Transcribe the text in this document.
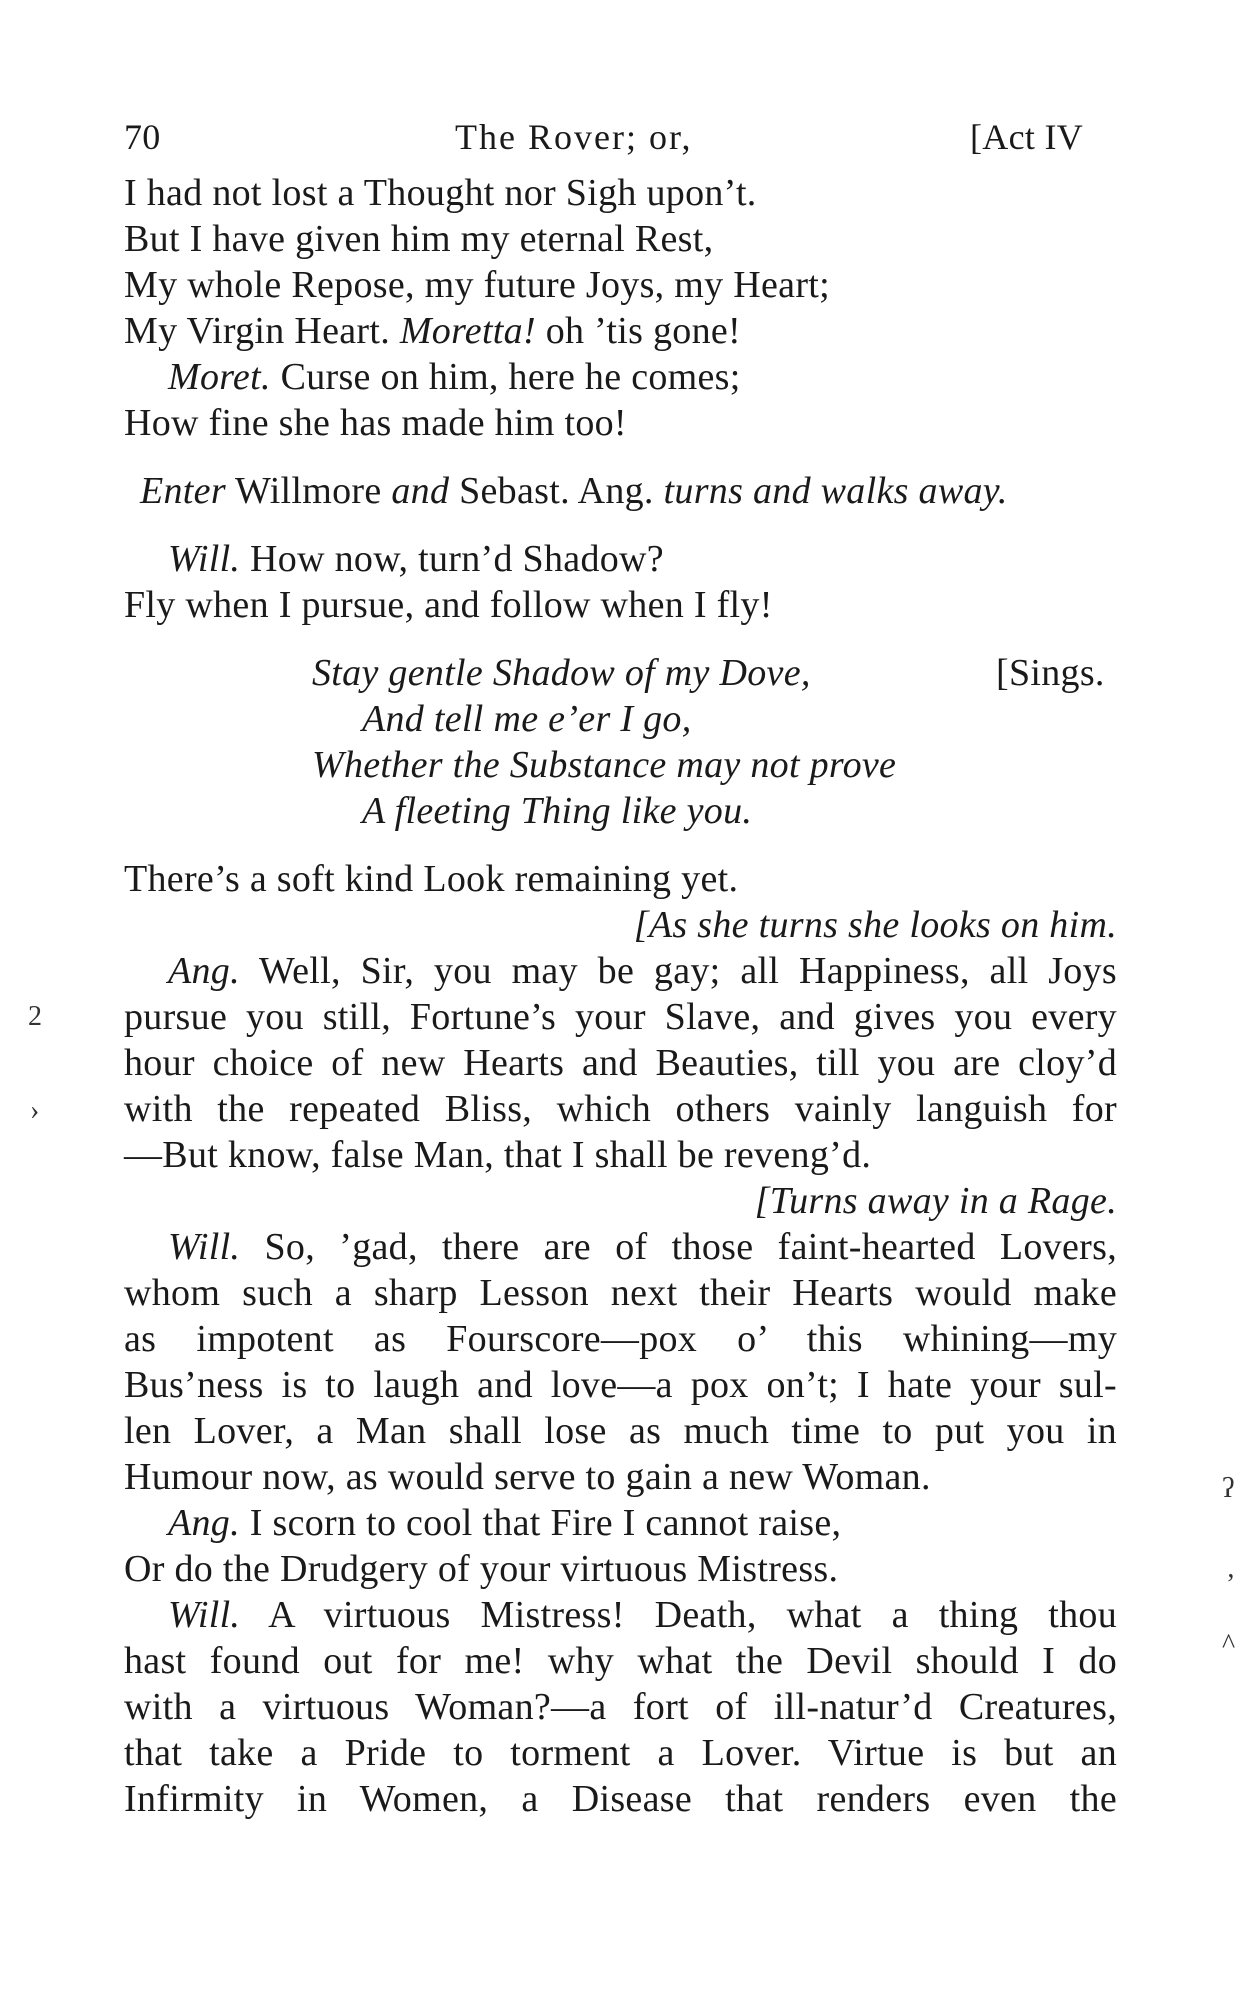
70	The Rover; or,	[Act IV
I had not lost a Thought nor Sigh upon’t.
But I have given him my eternal Rest,
My whole Repose, my future Joys, my Heart;
My Virgin Heart. Moretta! oh ’tis gone!
Moret. Curse on him, here he comes;
How fine she has made him too!
Enter Willmore and Sebast. Ang. turns and walks away.
Will. How now, turn’d Shadow?
Fly when I pursue, and follow when I fly!
Stay gentle Shadow of my Dove,	[Sings.
And tell me e’er I go,
Whether the Substance may not prove
A fleeting Thing like you.
There’s a soft kind Look remaining yet.
[As she turns she looks on him.
Ang. Well, Sir, you may be gay; all Happiness, all Joys
pursue you still, Fortune’s your Slave, and gives you every
hour choice of new Hearts and Beauties, till you are cloy’d
with the repeated Bliss, which others vainly languish for
—But know, false Man, that I shall be reveng’d.
[Turns away in a Rage.
Will. So, ’gad, there are of those faint-hearted Lovers,
whom such a sharp Lesson next their Hearts would make
as impotent as Fourscore—pox o’ this whining—my
Bus’ness is to laugh and love—a pox on’t; I hate your sul-
len Lover, a Man shall lose as much time to put you in
Humour now, as would serve to gain a new Woman.
Ang. I scorn to cool that Fire I cannot raise,
Or do the Drudgery of your virtuous Mistress.
Will. A virtuous Mistress! Death, what a thing thou
hast found out for me! why what the Devil should I do
with a virtuous Woman?—a fort of ill-natur’d Creatures,
that take a Pride to torment a Lover. Virtue is but an
Infirmity in Women, a Disease that renders even the
2
›
ʔ
ʼ
^
